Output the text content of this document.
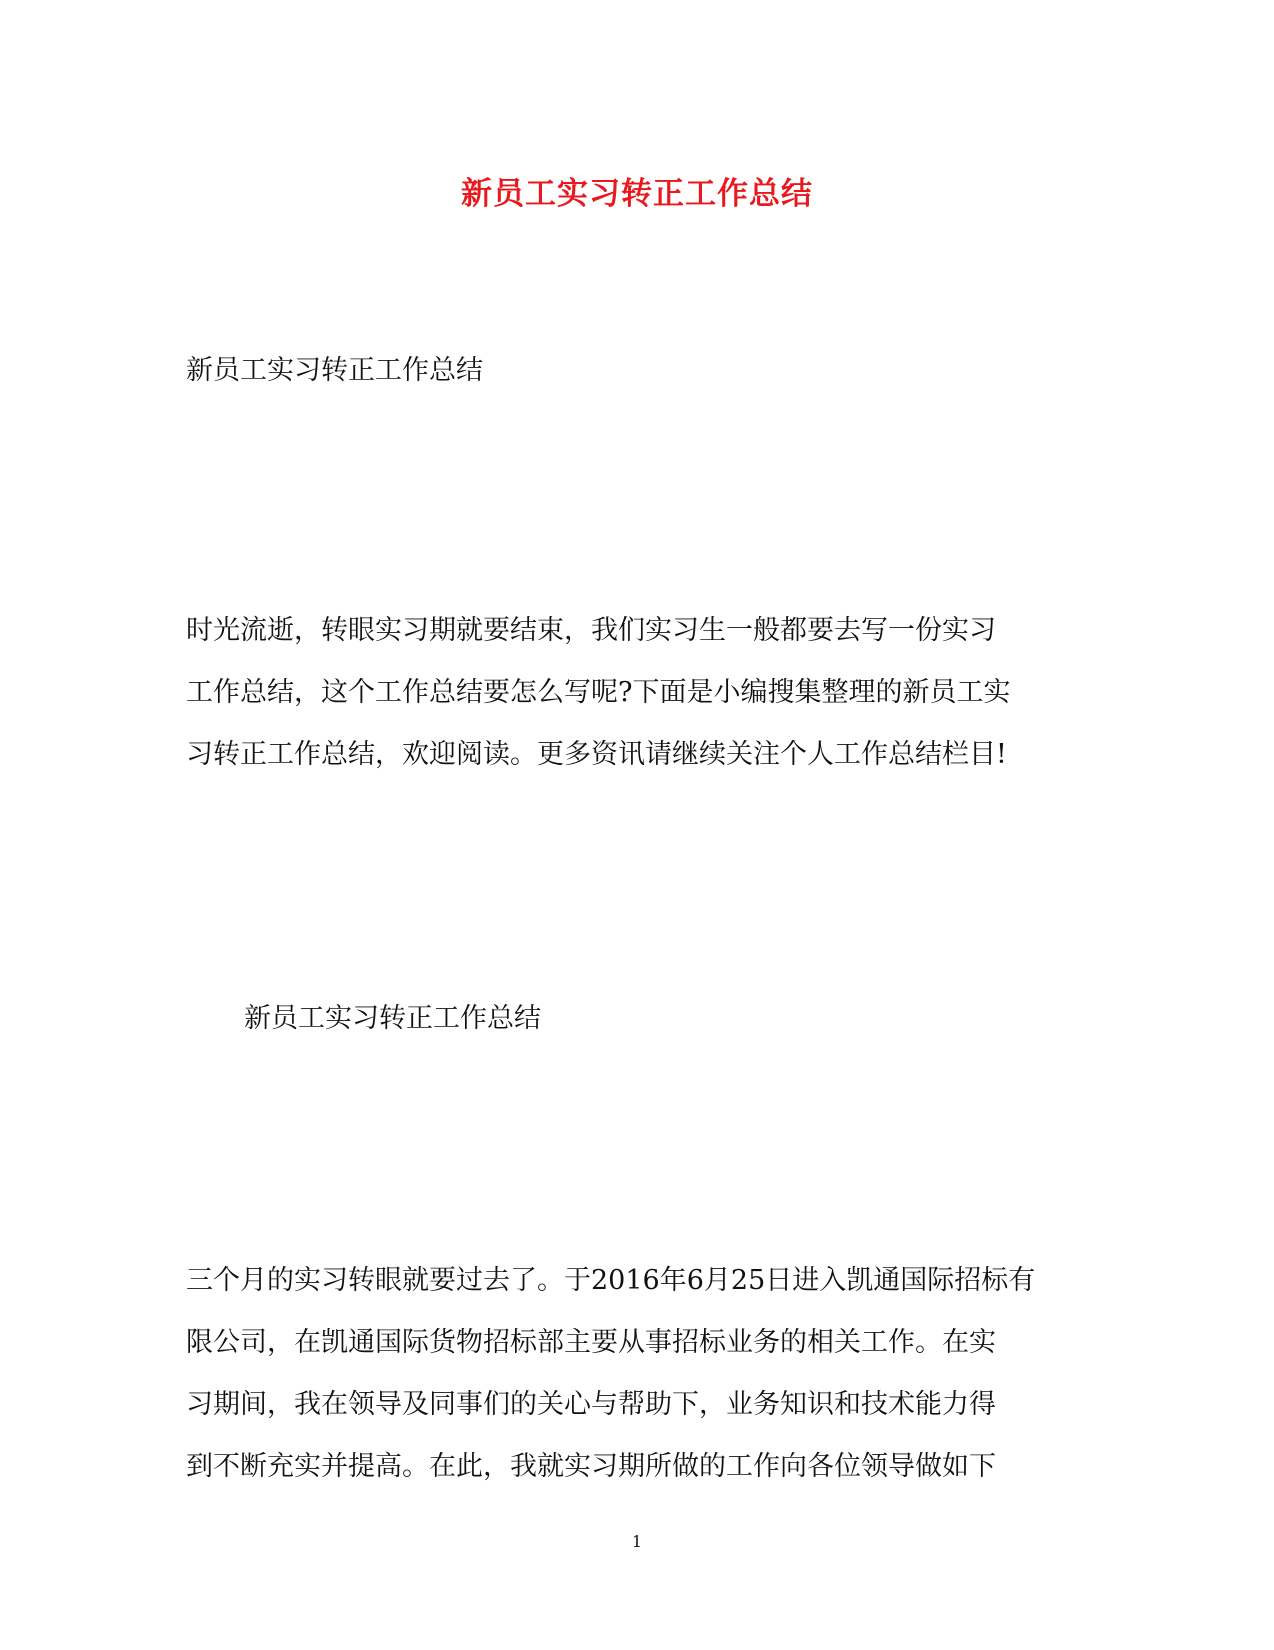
新员工实习转正工作总结

新员工实习转正工作总结

时光流逝，转眼实习期就要结束，我们实习生一般都要去写一份实习
工作总结，这个工作总结要怎么写呢?下面是小编搜集整理的新员工实
习转正工作总结，欢迎阅读。更多资讯请继续关注个人工作总结栏目!

新员工实习转正工作总结

三个月的实习转眼就要过去了。于2016年6月25日进入凯通国际招标有
限公司，在凯通国际货物招标部主要从事招标业务的相关工作。在实
习期间，我在领导及同事们的关心与帮助下，业务知识和技术能力得
到不断充实并提高。在此，我就实习期所做的工作向各位领导做如下
1
